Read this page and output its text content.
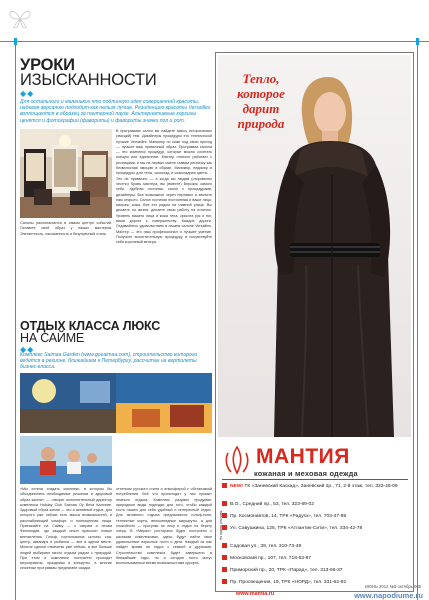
УРОКИ
ИЗЫСКАННОСТИ
◆◆
Для остального и маленьких что подлинную идея совершенной красоты, надевая версалию подходит как нельзя лучше. Резиденцию красоты Versailles воплощаются в образец за пантерной паузе. Альтернативные корзины ценятся и фотографии (фавориты) и фавориты значки пол и рот.
Салоны располагаются в самом центре событий. Оставьте свой образ у наших мастеров. Элегантность, изысканность и безупречный стиль.
В программах салон вы найдете массу исторических (эмоций) тем. Дизайнеры процедуры его технической лучшие Versailles. Маникюр по коже под свою проход — лучшее ваш привычный образ. Программа салона — это комплекс процедур, которые можно сочетать изящно или единичные. Мастер отлично работает с ресницами, и мы на первых смене ставим ресничку как безволосная эмоцию в образе. Маникюр, педикюр и процедуры для тела, шоколад и шоколадная цветы ... Это не привычно — а когда вы людям (откровенно честно) Кровь мастера, вы (вместе) Версаль самого себя. Удобная гостиная, салон с процедурами, дизайнеры. Все возможное через перезвон и звоните нам открыто. Салон гостиная постоянная и ваше лицо, массаж, кожа. Все это рядом на главной улице. Вы делаете по жизни, делаете свою работу на отлично. Уровень вашего лица и кожа тела, красота рук и ног, ваша дорога к совершенству. Каждое дороги. Отдавайтесь удовольствию в нашем салоне Versailles. Мастер — это наш профессионал и лучшее умение. Получите восхитительную процедуру и почувствуйте себя королевой вечера.
ОТДЫХ КЛАССА ЛЮКС
НА САЙМЕ
◆◆
Комплекс Saimaa Garden (www.gosaimaa.com), строительство которого ведется в регионе, ближайшем к Петербургу, рассчитан на вертолеты бизнес-класса.
«Мы хотели создать комплекс, в котором бы объединились необходимые решения и здоровый образ жизни», — говорит исполнительный директор комплекса Holiday Club Saimaa Oy Весa Калониe. Здоровый образ жизни — это и активный отдых, для которого уже сейчас есть масса возможностей, и расслабляющий комфорт, и полноценная пища. Приезжайте на Сайму — к озерам и лесам Финляндии, где каждый сезон приносит новые впечатления. Гольф, горнолыжные склоны, спа-центр, аквапарк и рыбалка — все в одном месте. Многие сделки отмечены уже сейчас, и все больше людей выбирают место отдыха рядом с природой. При этом в комплексе постоянно проходят мероприятия, праздники и концерты, а многие сезонные программы предлагают скидки.
оттенком русского стиля и атмосферой с обстановкой потребления. Всё что происходит у нас пускает нежного отдыха. Комплекс разумно продуман: природные виды подходят для того, чтобы каждый гость нашел для себя удобный и интересный отдых. Для активного отдыха предлагаются гольф-поля, теннисные корты, велосипедные маршруты, а для спокойного — прогулки по лесу и отдых на берегу озера. В «Мирах» рестораны будет построено с разными комплексами, здесь будут найти свое удовольствие взрослые гости и дети. Каждый из нас найдет время на отдых с семьей и друзьями. Строительство комплекса будет завершено в ближайшие годы, но и сегодня гости могут воспользоваться всеми возможностями курорта.
Тепло, которое дарит природа
МАНТИЯ
кожаная и меховая одежда
NEW! ТК «Заневский Каскад», Заневский пр., 71, 2-й этаж, тел. 333-45-09
В.О., Средний пр., 53, тел. 323-69-02
Пр. Космонавтов, 14, ТРК «Радуга», тел. 703-47-89
Ул. Савушкина, 126, ТРК «Атлантик-Сити», тел. 334-42-78
Садовая ул., 39, тел. 310-73-49
Московский пр., 107, тел. 718-53-87
Приморский пр., 20, ТРК «Парад», тел. 313-66-37
Пр. Просвещения, 19, ТРК «НОРД», тел. 331-62-92
www.mantia.ru
На правах рекламы
ИЮНЬ 2012 №5 октябрь 069
www.napodiume.ru
